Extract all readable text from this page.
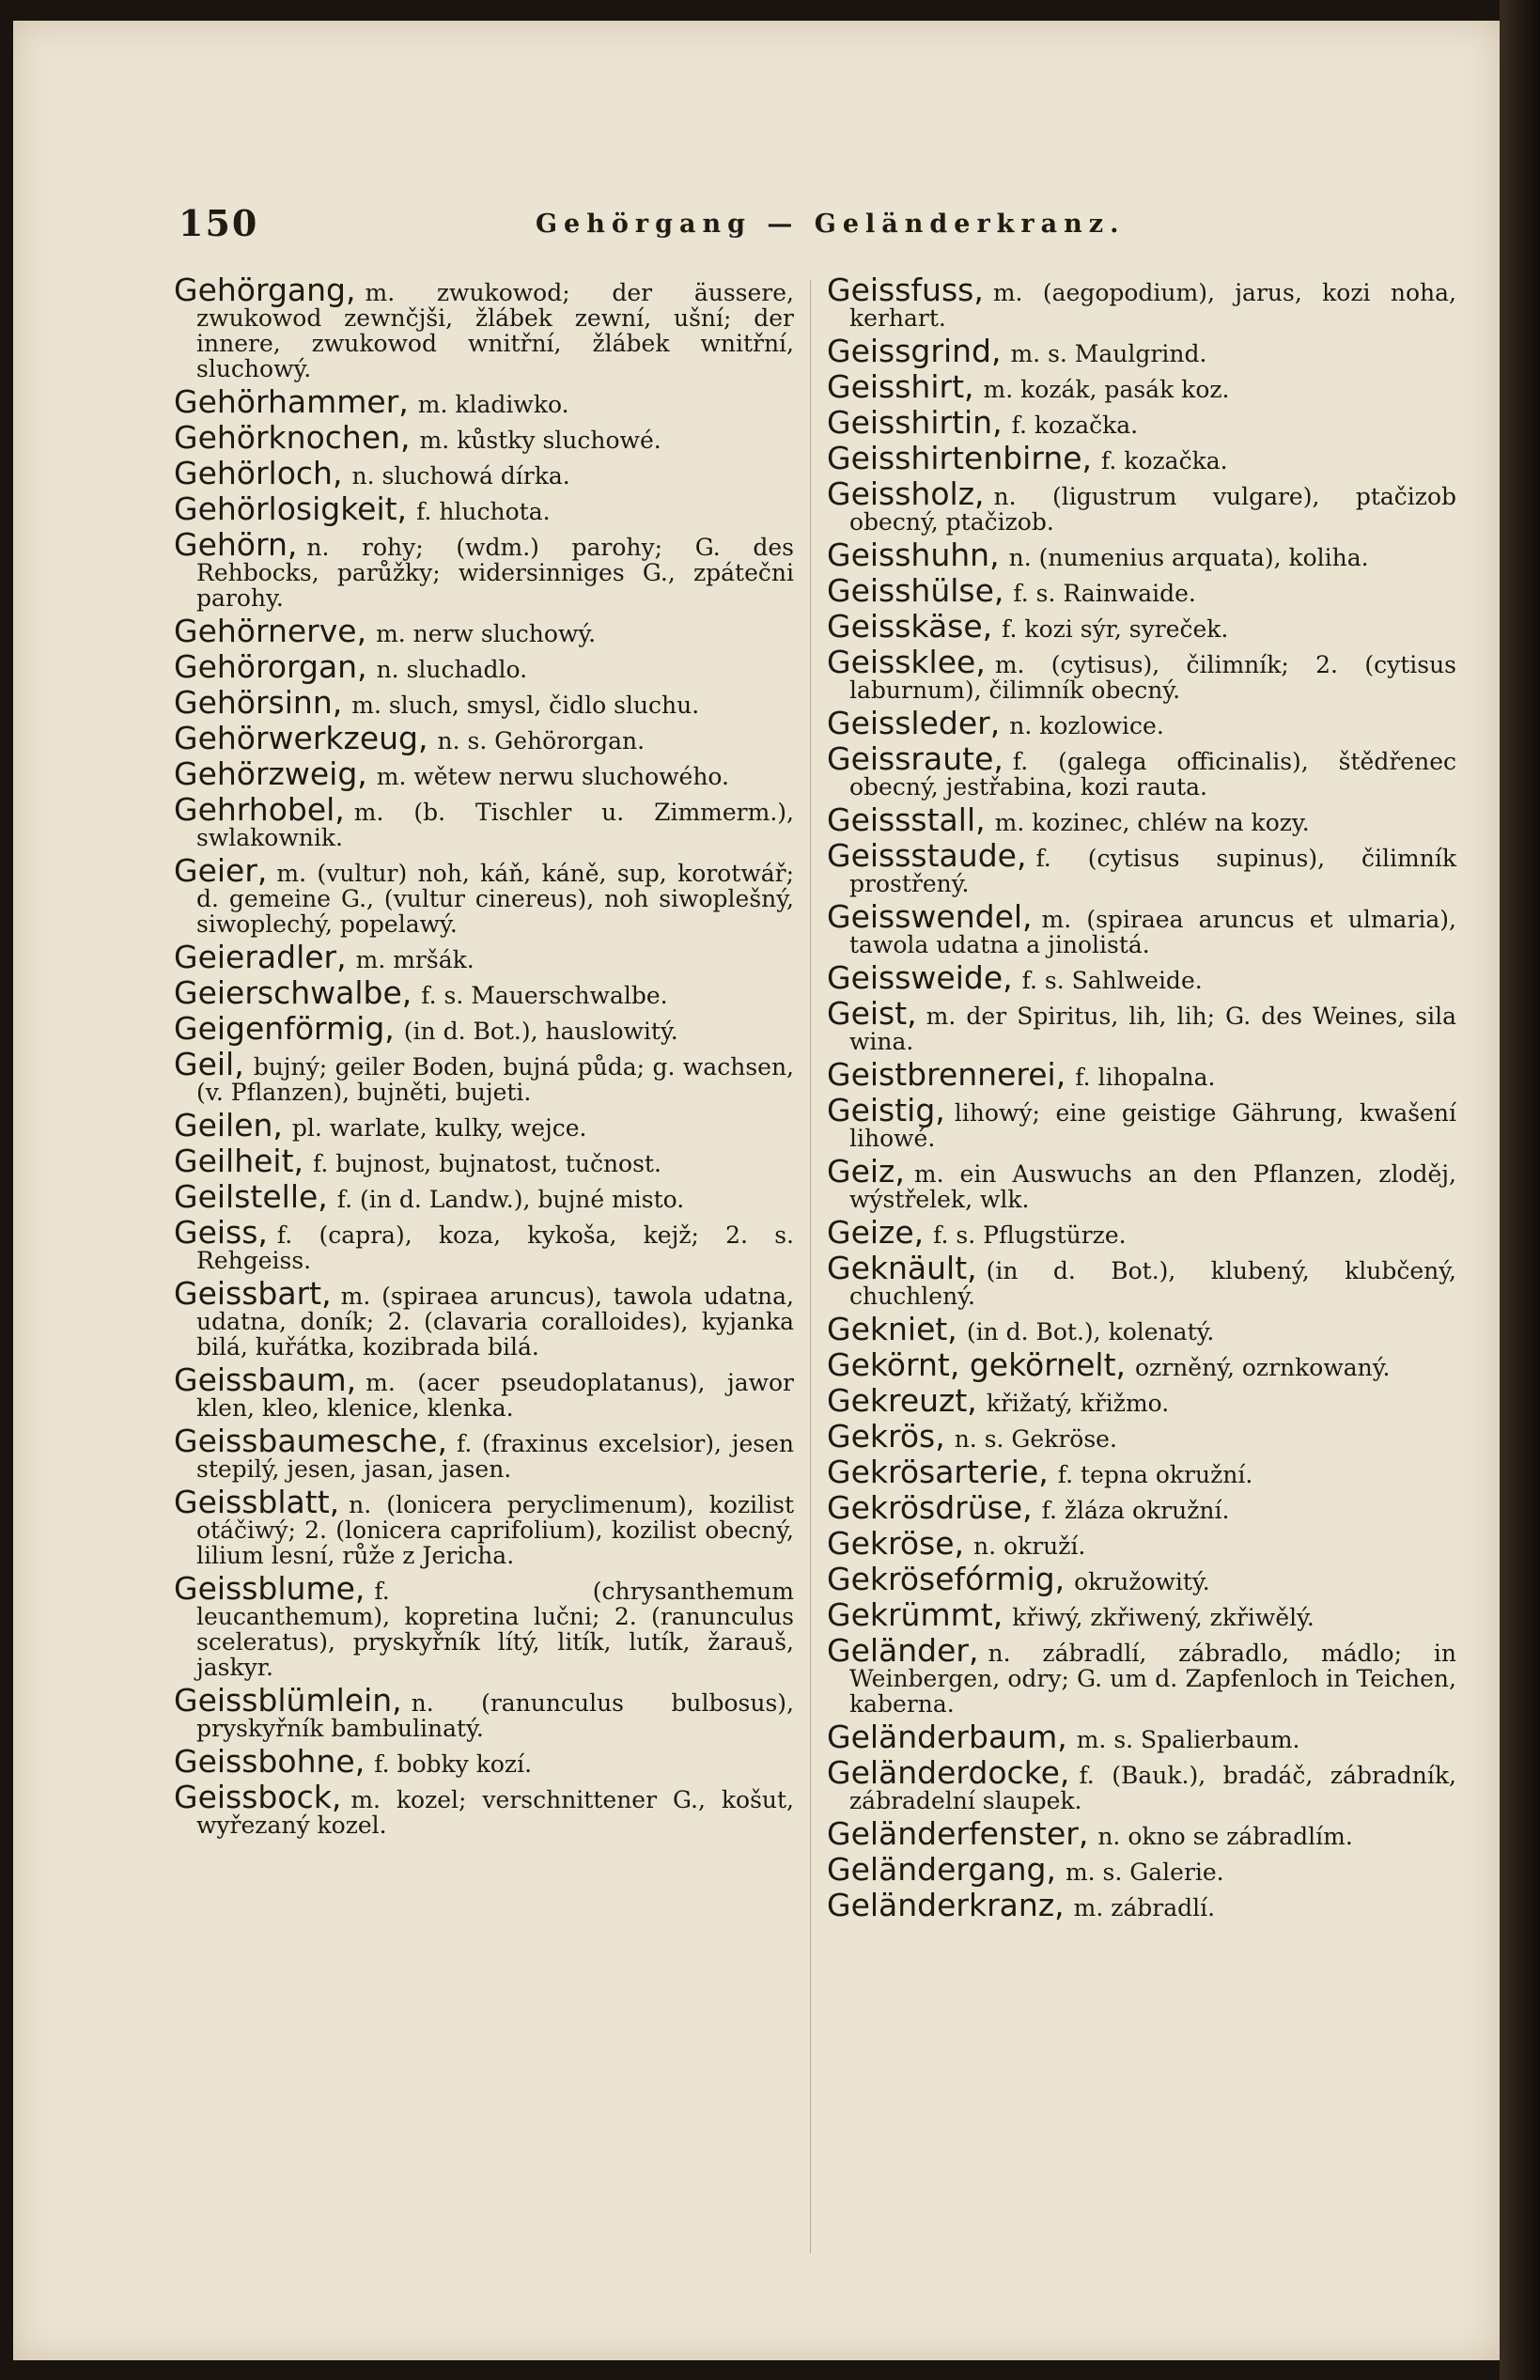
150	Gehörgang — Geländerkranz.

Gehörgang, m. zwukowod; der äussere, zwukowod zewnčjši, žlábek zewní, ušní; der innere, zwukowod wnitřní, žlábek wnitřní, sluchowý.

Gehörhammer, m. kladiwko.

Gehörknochen, m. kůstky sluchowé.

Gehörloch, n. sluchowá dírka.

Gehörlosigkeit, f. hluchota.

Gehörn, n. rohy; (wdm.) parohy; G. des Rehbocks, parůžky; widersinniges G., zpátečni parohy.

Gehörnerve, m. nerw sluchowý.

Gehörorgan, n. sluchadlo.

Gehörsinn, m. sluch, smysl, čidlo sluchu.

Gehörwerkzeug, n. s. Gehörorgan.

Gehörzweig, m. wětew nerwu sluchowého.

Gehrhobel, m. (b. Tischler u. Zimmerm.), swlakownik.

Geier, m. (vultur) noh, káň, káně, sup, korotwář; d. gemeine G., (vultur cinereus), noh siwoplešný, siwoplechý, popelawý.

Geieradler, m. mršák.

Geierschwalbe, f. s. Mauerschwalbe.

Geigenförmig, (in d. Bot.), hauslowitý.

Geil, bujný; geiler Boden, bujná půda; g. wachsen, (v. Pflanzen), bujněti, bujeti.

Geilen, pl. warlate, kulky, wejce.

Geilheit, f. bujnost, bujnatost, tučnost.

Geilstelle, f. (in d. Landw.), bujné misto.

Geiss, f. (capra), koza, kykoša, kejž; 2. s. Rehgeiss.

Geissbart, m. (spiraea aruncus), tawola udatna, udatna, doník; 2. (clavaria coralloides), kyjanka bilá, kuřátka, kozibrada bilá.

Geissbaum, m. (acer pseudoplatanus), jawor klen, kleo, klenice, klenka.

Geissbaumesche, f. (fraxinus excelsior), jesen stepilý, jesen, jasan, jasen.

Geissblatt, n. (lonicera peryclimenum), kozilist otáčiwý; 2. (lonicera caprifolium), kozilist obecný, lilium lesní, růže z Jericha.

Geissblume, f. (chrysanthemum leucanthemum), kopretina lučni; 2. (ranunculus sceleratus), pryskyřník lítý, litík, lutík, žarauš, jaskyr.

Geissblümlein, n. (ranunculus bulbosus), pryskyřník bambulinatý.

Geissbohne, f. bobky kozí.

Geissbock, m. kozel; verschnittener G., košut, wyřezaný kozel.

Geissfuss, m. (aegopodium), jarus, kozi noha, kerhart.

Geissgrind, m. s. Maulgrind.

Geisshirt, m. kozák, pasák koz.

Geisshirtin, f. kozačka.

Geisshirtenbirne, f. kozačka.

Geissholz, n. (ligustrum vulgare), ptačizob obecný, ptačizob.

Geisshuhn, n. (numenius arquata), koliha.

Geisshülse, f. s. Rainwaide.

Geisskäse, f. kozi sýr, syreček.

Geissklee, m. (cytisus), čilimník; 2. (cytisus laburnum), čilimník obecný.

Geissleder, n. kozlowice.

Geissraute, f. (galega officinalis), štědřenec obecný, jestřabina, kozi rauta.

Geissstall, m. kozinec, chléw na kozy.

Geissstaude, f. (cytisus supinus), čilimník prostřený.

Geisswendel, m. (spiraea aruncus et ulmaria), tawola udatna a jinolistá.

Geissweide, f. s. Sahlweide.

Geist, m. der Spiritus, lih, lih; G. des Weines, sila wina.

Geistbrennerei, f. lihopalna.

Geistig, lihowý; eine geistige Gährung, kwašení lihowé.

Geiz, m. ein Auswuchs an den Pflanzen, zloděj, wýstřelek, wlk.

Geize, f. s. Pflugstürze.

Geknäult, (in d. Bot.), klubený, klubčený, chuchlený.

Gekniet, (in d. Bot.), kolenatý.

Gekörnt, gekörnelt, ozrněný, ozrnkowaný.

Gekreuzt, křižatý, křižmo.

Gekrös, n. s. Gekröse.

Gekrösarterie, f. tepna okružní.

Gekrösdrüse, f. žláza okružní.

Gekröse, n. okruží.

Gekrösefórmig, okružowitý.

Gekrümmt, křiwý, zkřiwený, zkřiwělý.

Geländer, n. zábradlí, zábradlo, mádlo; in Weinbergen, odry; G. um d. Zapfenloch in Teichen, kaberna.

Geländerbaum, m. s. Spalierbaum.

Geländerdocke, f. (Bauk.), bradáč, zábradník, zábradelní slaupek.

Geländerfenster, n. okno se zábradlím.

Geländergang, m. s. Galerie.

Geländerkranz, m. zábradlí.
